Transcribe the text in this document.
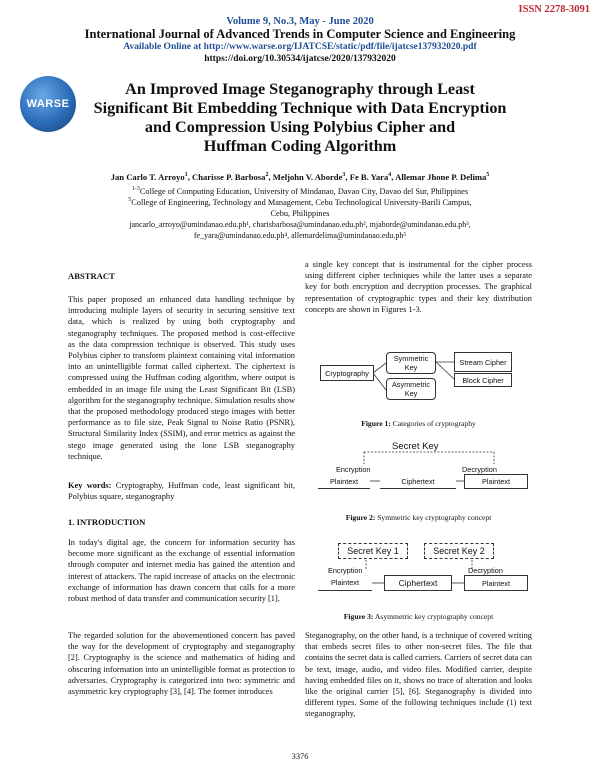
ISSN 2278-3091
Volume 9, No.3, May - June 2020
International Journal of Advanced Trends in Computer Science and Engineering
Available Online at http://www.warse.org/IJATCSE/static/pdf/file/ijatcse137932020.pdf
https://doi.org/10.30534/ijatcse/2020/137932020
WARSE
An Improved Image Steganography through Least
Significant Bit Embedding Technique with Data Encryption
and Compression Using Polybius Cipher and
Huffman Coding Algorithm
Jan Carlo T. Arroyo$^1$, Charisse P. Barbosa$^2$, Meljohn V. Aborde$^3$, Fe B. Yara$^4$, Allemar Jhone P. Delima$^5$
$^{1-3}$College of Computing Education, University of Mindanao, Davao City, Davao del Sur, Philippines
$^5$College of Engineering, Technology and Management, Cebu Technological University-Barili Campus,
Cebu, Philippines
jancarlo_arroyo@umindanao.edu.ph¹, charisbarbosa@umindanao.edu.ph², mjaborde@umindanao.edu.ph³,
fe_yara@umindanao.edu.ph⁴, allemardelima@umindanao.edu.ph⁵
ABSTRACT
This paper proposed an enhanced data handling technique by introducing multiple layers of security in securing sensitive text data, which is realized by using both cryptography and steganography techniques. The proposed method is cost-effective as the data compression technique is observed. This study uses Polybius cipher to transform plaintext containing vital information into an unintelligible format called ciphertext. The ciphertext is compressed using the Huffman coding algorithm, where output is embedded in an image file using the Least Significant Bit (LSB) algorithm for the steganography technique. Simulation results show that the proposed methodology produced stego images with better performance as to file size, Peak Signal to Noise Ratio (PSNR), Structural Similarity Index (SSIM), and error metrics as against the stego image generated using the lone LSB steganography technique.
Key words: Cryptography, Huffman code, least significant bit, Polybius square, steganography
1. INTRODUCTION
In today's digital age, the concern for information security has become more significant as the exchange of essential information through computer and internet media has gained the attention and interest of attackers. The rapid increase of attacks on the electronic exchange of information has drawn concern that calls for a more robust method of data transfer and communication security [1].
The regarded solution for the abovementioned concern has paved the way for the development of cryptography and steganography [2]. Cryptography is the science and mathematics of hiding and obscuring information into an unintelligible format as protection to adversaries. Cryptography is categorized into two: symmetric and asymmetric key cryptography [3], [4]. The former introduces
a single key concept that is instrumental for the cipher process using different cipher techniques while the latter uses a separate key for both encryption and decryption processes. The graphical representation of cryptographic types and their key distribution concepts are shown in Figures 1-3.
Cryptography
Symmetric Key
Asymmetric Key
Stream Cipher
Block Cipher
Figure 1: Categories of cryptography
Secret Key
Encryption	Decryption
Plaintext	Ciphertext	Plaintext
Figure 2: Symmetric key cryptography concept
Secret Key 1	Secret Key 2
Encryption	Decryption
Plaintext	Ciphertext	Plaintext
Figure 3: Asymmetric key cryptography concept
Steganography, on the other hand, is a technique of covered writing that embeds secret files to other non-secret files. The file that contains the secret data is called carriers. Carriers of secret data can be text, image, audio, and video files. Modified carrier, despite having embedded files on it, shows no trace of alteration and looks like the original carrier [5], [6]. Steganography is divided into different types. Some of the following techniques include (1) text steganography,
3376
